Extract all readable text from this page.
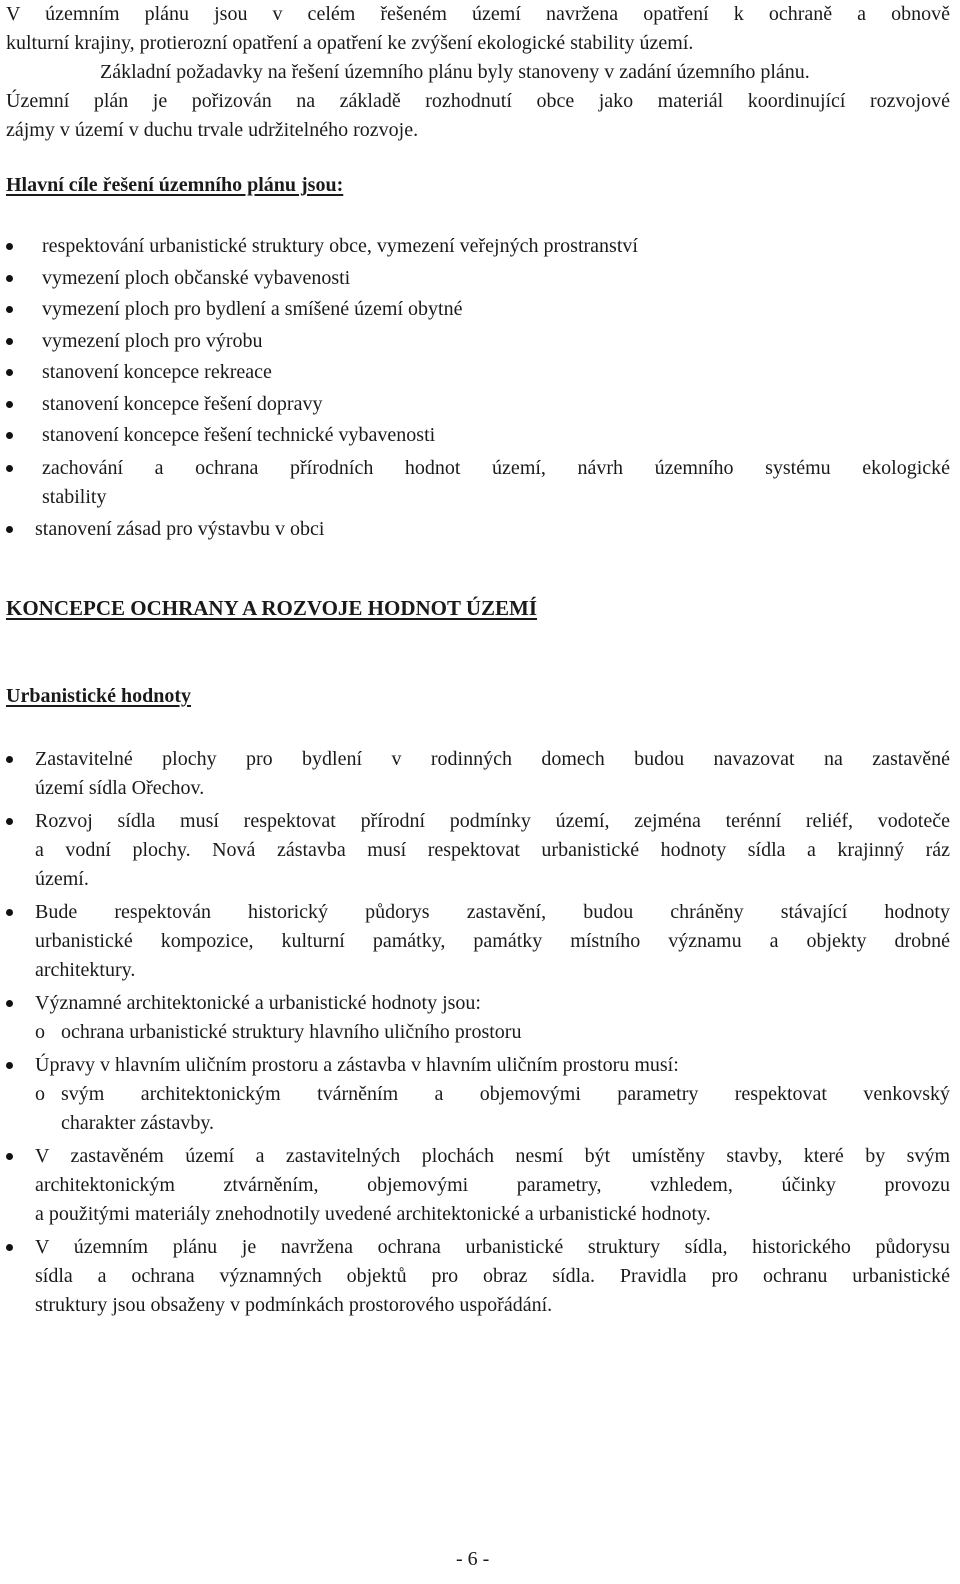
V územním plánu jsou v celém řešeném území navržena opatření k ochraně a obnově

kulturní krajiny, protierozní opatření a opatření ke zvýšení ekologické stability území.

Základní požadavky na řešení územního plánu byly stanoveny v zadání územního plánu.

Územní plán je pořizován na základě rozhodnutí obce jako materiál koordinující rozvojové

zájmy v území v duchu trvale udržitelného rozvoje.

Hlavní cíle řešení územního plánu jsou:
respektování urbanistické struktury obce, vymezení veřejných prostranství
vymezení ploch občanské vybavenosti
vymezení ploch pro bydlení a smíšené území obytné
vymezení ploch pro výrobu
stanovení koncepce rekreace
stanovení koncepce řešení dopravy
stanovení koncepce řešení technické vybavenosti
zachování a ochrana přírodních hodnot území, návrh územního systému ekologické
stability
stanovení zásad pro výstavbu v obci
KONCEPCE OCHRANY A ROZVOJE HODNOT ÚZEMÍ
Urbanistické hodnoty
Zastavitelné plochy pro bydlení v rodinných domech budou navazovat na zastavěné
území sídla Ořechov.
Rozvoj sídla musí respektovat přírodní podmínky území, zejména terénní reliéf, vodoteče
a vodní plochy. Nová zástavba musí respektovat urbanistické hodnoty sídla a krajinný ráz
území.
Bude respektován historický půdorys zastavění, budou chráněny stávající hodnoty
urbanistické kompozice, kulturní památky, památky místního významu a objekty drobné
architektury.
Významné architektonické a urbanistické hodnoty jsou:
o ochrana urbanistické struktury hlavního uličního prostoru
Úpravy v hlavním uličním prostoru a zástavba v hlavním uličním prostoru musí:
o svým architektonickým tvárněním a objemovými parametry respektovat venkovský
charakter zástavby.
V zastavěném území a zastavitelných plochách nesmí být umístěny stavby, které by svým
architektonickým ztvárněním, objemovými parametry, vzhledem, účinky provozu
a použitými materiály znehodnotily uvedené architektonické a urbanistické hodnoty.
V územním plánu je navržena ochrana urbanistické struktury sídla, historického půdorysu
sídla a ochrana významných objektů pro obraz sídla. Pravidla pro ochranu urbanistické
struktury jsou obsaženy v podmínkách prostorového uspořádání.
- 6 -
